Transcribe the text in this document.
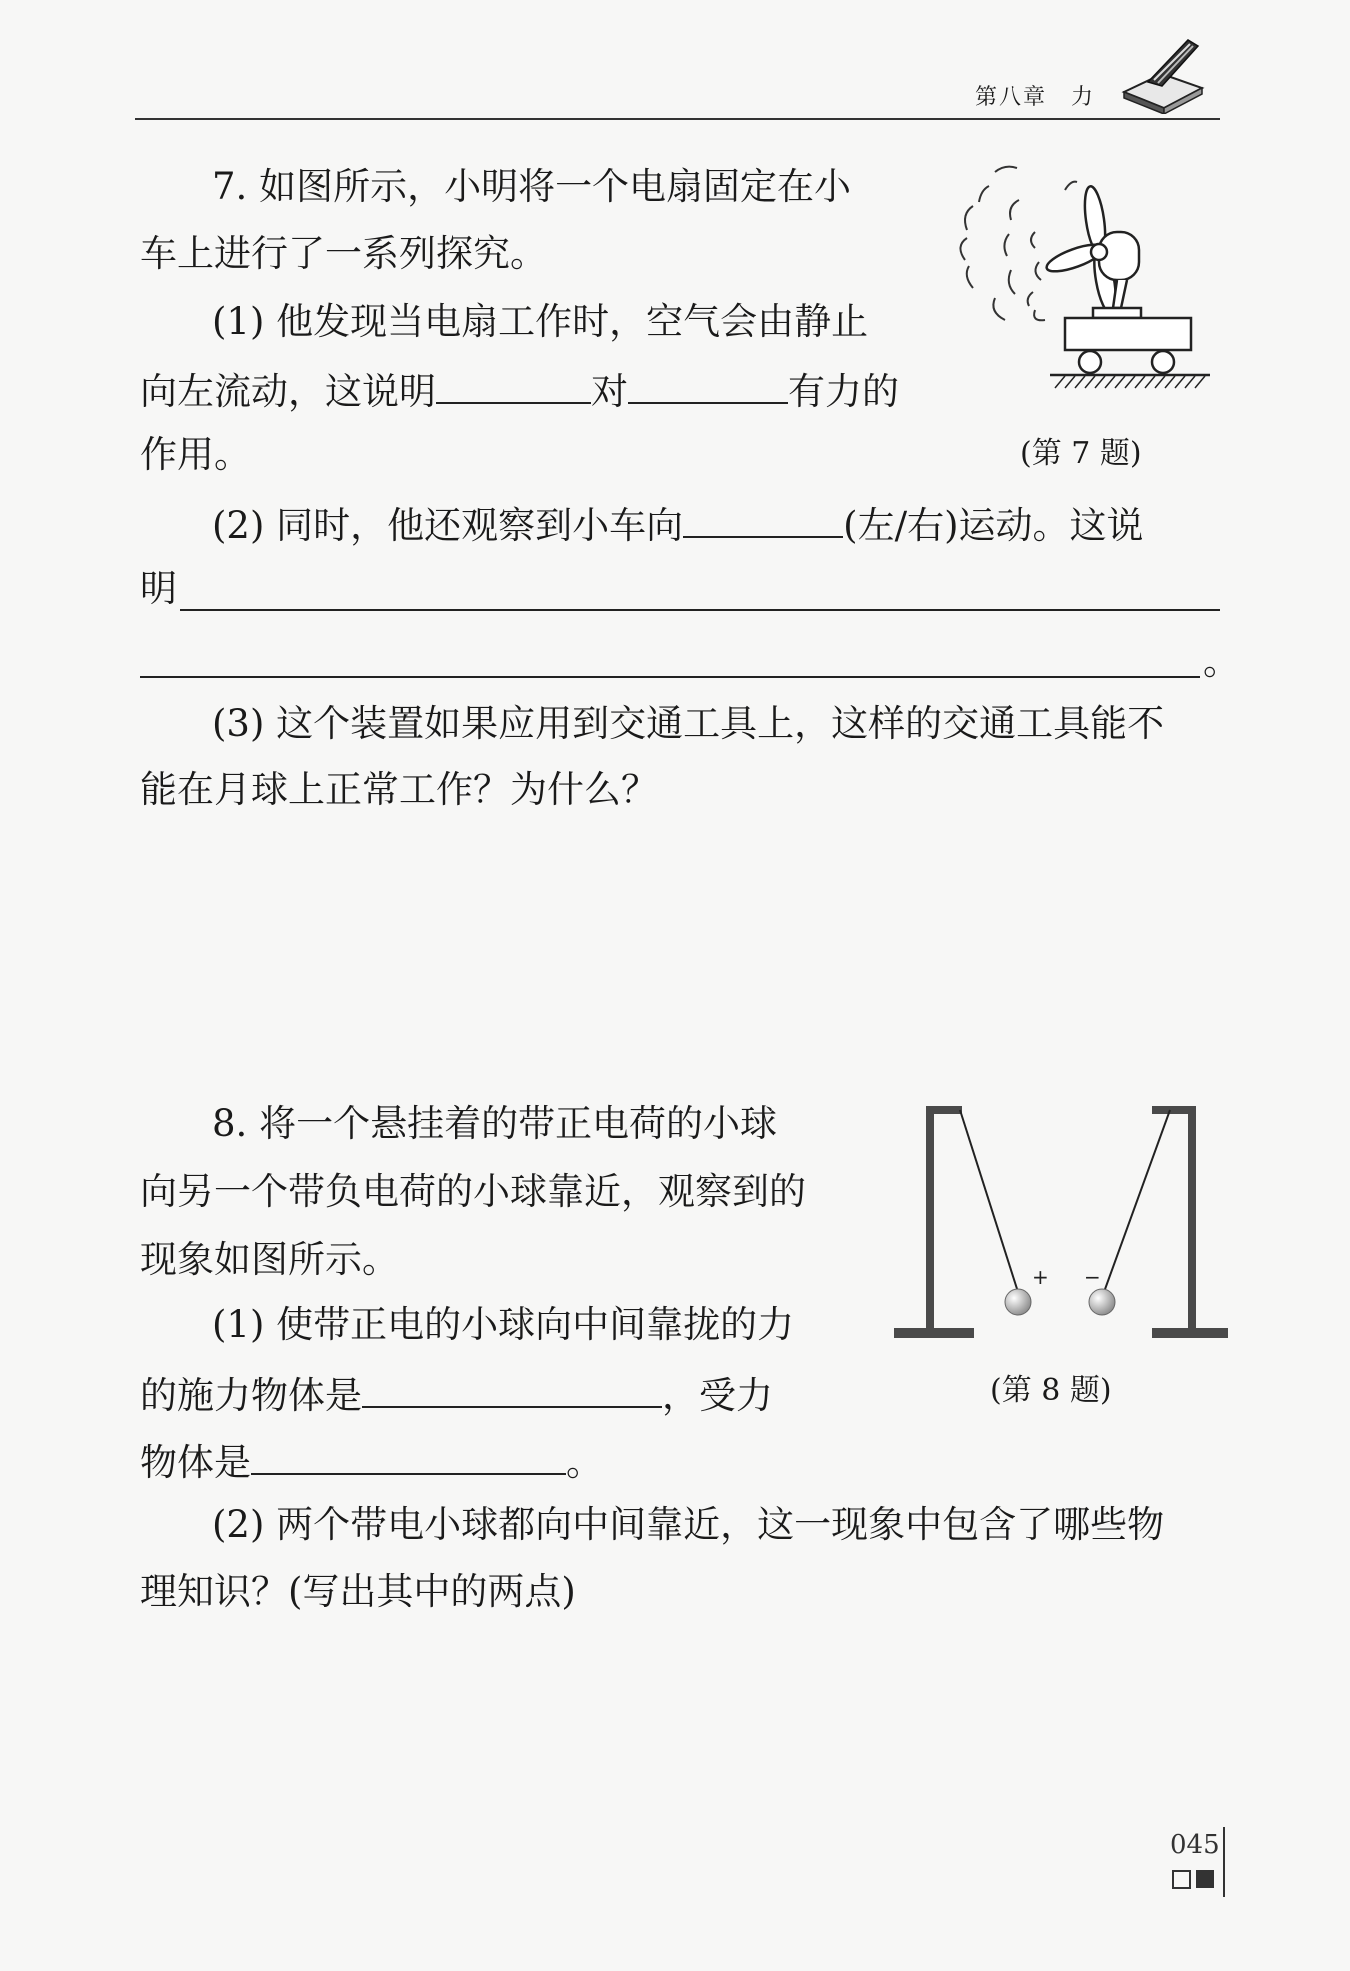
第八章　力
7. 如图所示，小明将一个电扇固定在小
车上进行了一系列探究。
(1) 他发现当电扇工作时，空气会由静止
向左流动，这说明	对	有力的
作用。
(2) 同时，他还观察到小车向	(左/右)运动。这说
明
。
(3) 这个装置如果应用到交通工具上，这样的交通工具能不
能在月球上正常工作？为什么？
(第 7 题)
8. 将一个悬挂着的带正电荷的小球
向另一个带负电荷的小球靠近，观察到的
现象如图所示。
(1) 使带正电的小球向中间靠拢的力
的施力物体是	，受力
物体是	。
(2) 两个带电小球都向中间靠近，这一现象中包含了哪些物
理知识？(写出其中的两点)
+ −
(第 8 题)
045
